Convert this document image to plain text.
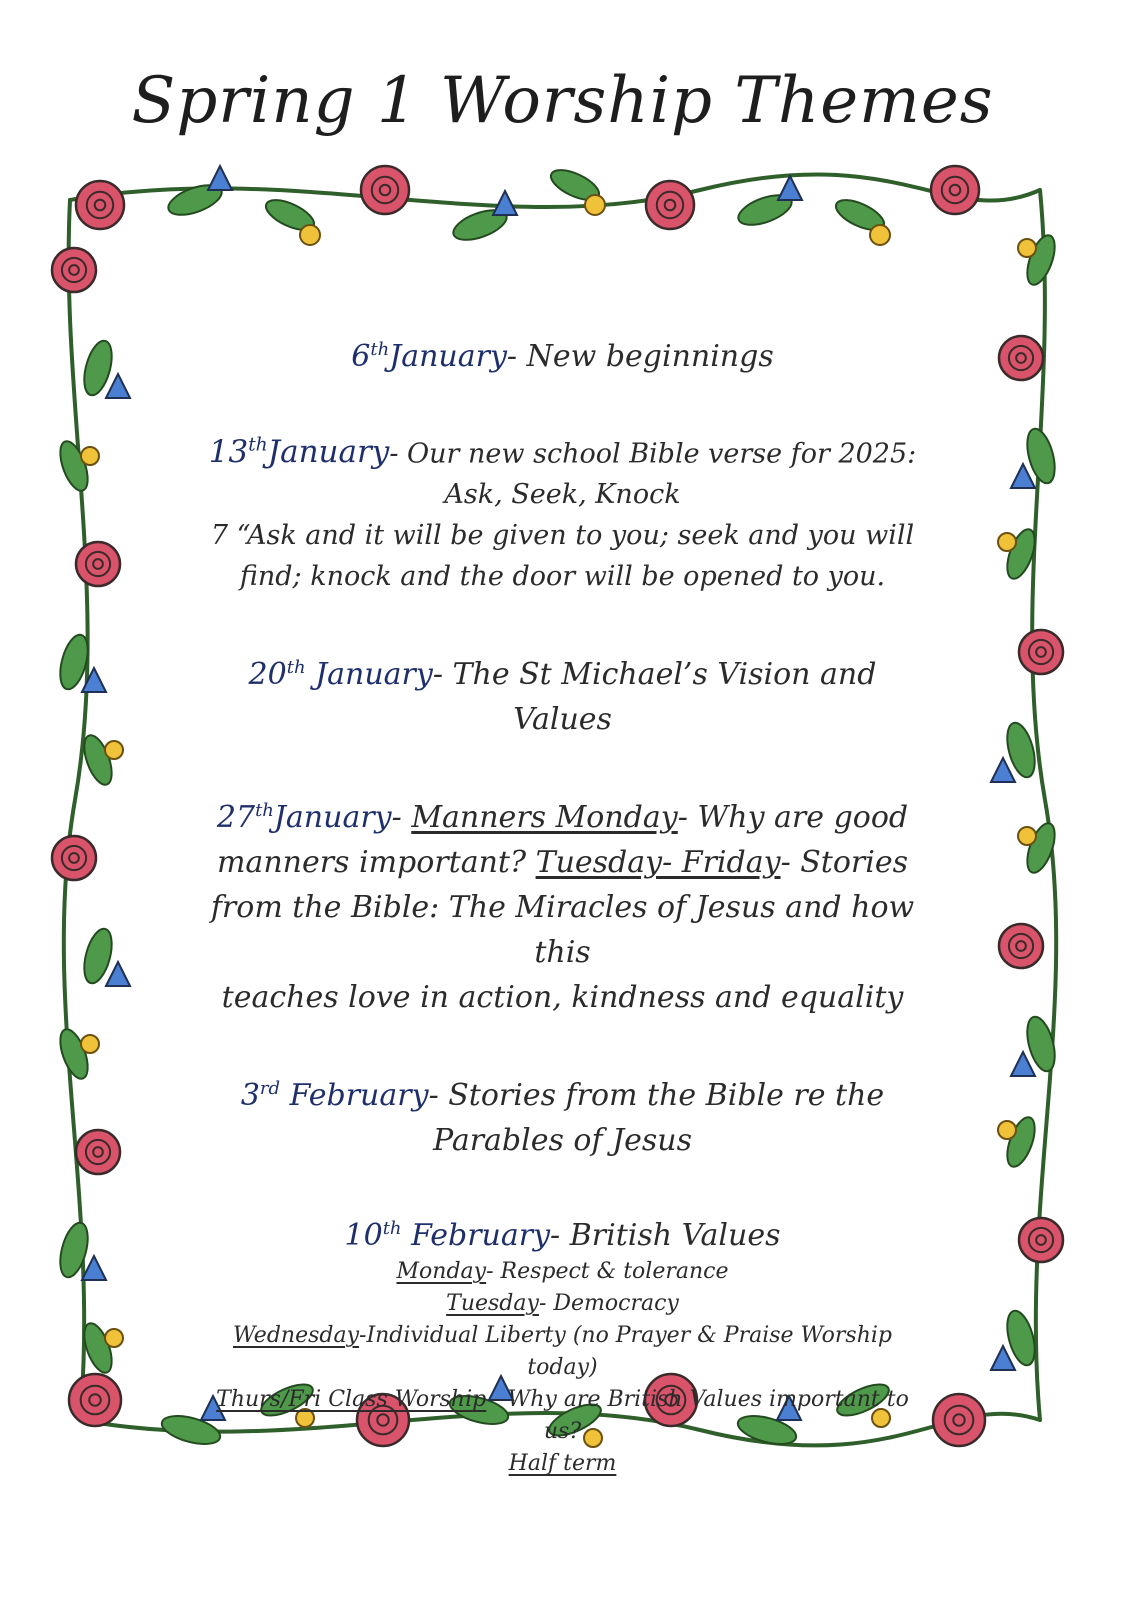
Spring 1 Worship Themes

6thJanuary- New beginnings

13thJanuary- Our new school Bible verse for 2025:
Ask, Seek, Knock
7 “Ask and it will be given to you; seek and you will
find; knock and the door will be opened to you.

20th January- The St Michael’s Vision and
Values

27thJanuary- Manners Monday- Why are good
manners important? Tuesday- Friday- Stories
from the Bible: The Miracles of Jesus and how this
teaches love in action, kindness and equality

3rd February- Stories from the Bible re the
Parables of Jesus

10th February- British Values
Monday- Respect & tolerance
Tuesday- Democracy
Wednesday-Individual Liberty (no Prayer & Praise Worship
today)
Thurs/Fri Class Worship - Why are British Values important to
us?
Half term
